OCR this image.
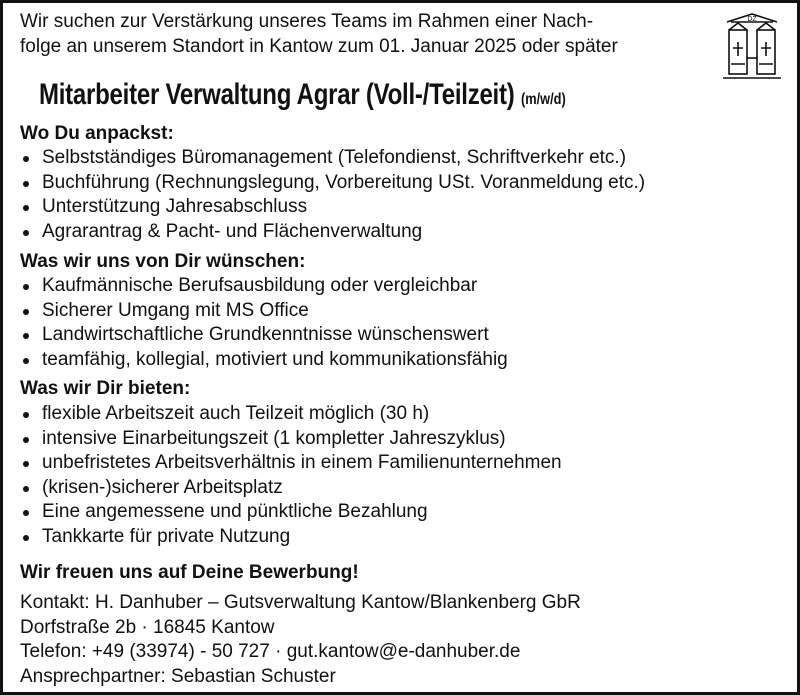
Wir suchen zur Verstärkung unseres Teams im Rahmen einer Nach-
folge an unserem Standort in Kantow zum 01. Januar 2025 oder später
DZ
Mitarbeiter Verwaltung Agrar (Voll-/Teilzeit) (m/w/d)
Wo Du anpackst:
Selbstständiges Büromanagement (Telefondienst, Schriftverkehr etc.)
Buchführung (Rechnungslegung, Vorbereitung USt. Voranmeldung etc.)
Unterstützung Jahresabschluss
Agrarantrag & Pacht- und Flächenverwaltung
Was wir uns von Dir wünschen:
Kaufmännische Berufsausbildung oder vergleichbar
Sicherer Umgang mit MS Office
Landwirtschaftliche Grundkenntnisse wünschenswert
teamfähig, kollegial, motiviert und kommunikationsfähig
Was wir Dir bieten:
flexible Arbeitszeit auch Teilzeit möglich (30 h)
intensive Einarbeitungszeit (1 kompletter Jahreszyklus)
unbefristetes Arbeitsverhältnis in einem Familienunternehmen
(krisen-)sicherer Arbeitsplatz
Eine angemessene und pünktliche Bezahlung
Tankkarte für private Nutzung
Wir freuen uns auf Deine Bewerbung!
Kontakt: H. Danhuber – Gutsverwaltung Kantow/Blankenberg GbR
Dorfstraße 2b · 16845 Kantow
Telefon: +49 (33974) - 50 727 · gut.kantow@e-danhuber.de
Ansprechpartner: Sebastian Schuster
